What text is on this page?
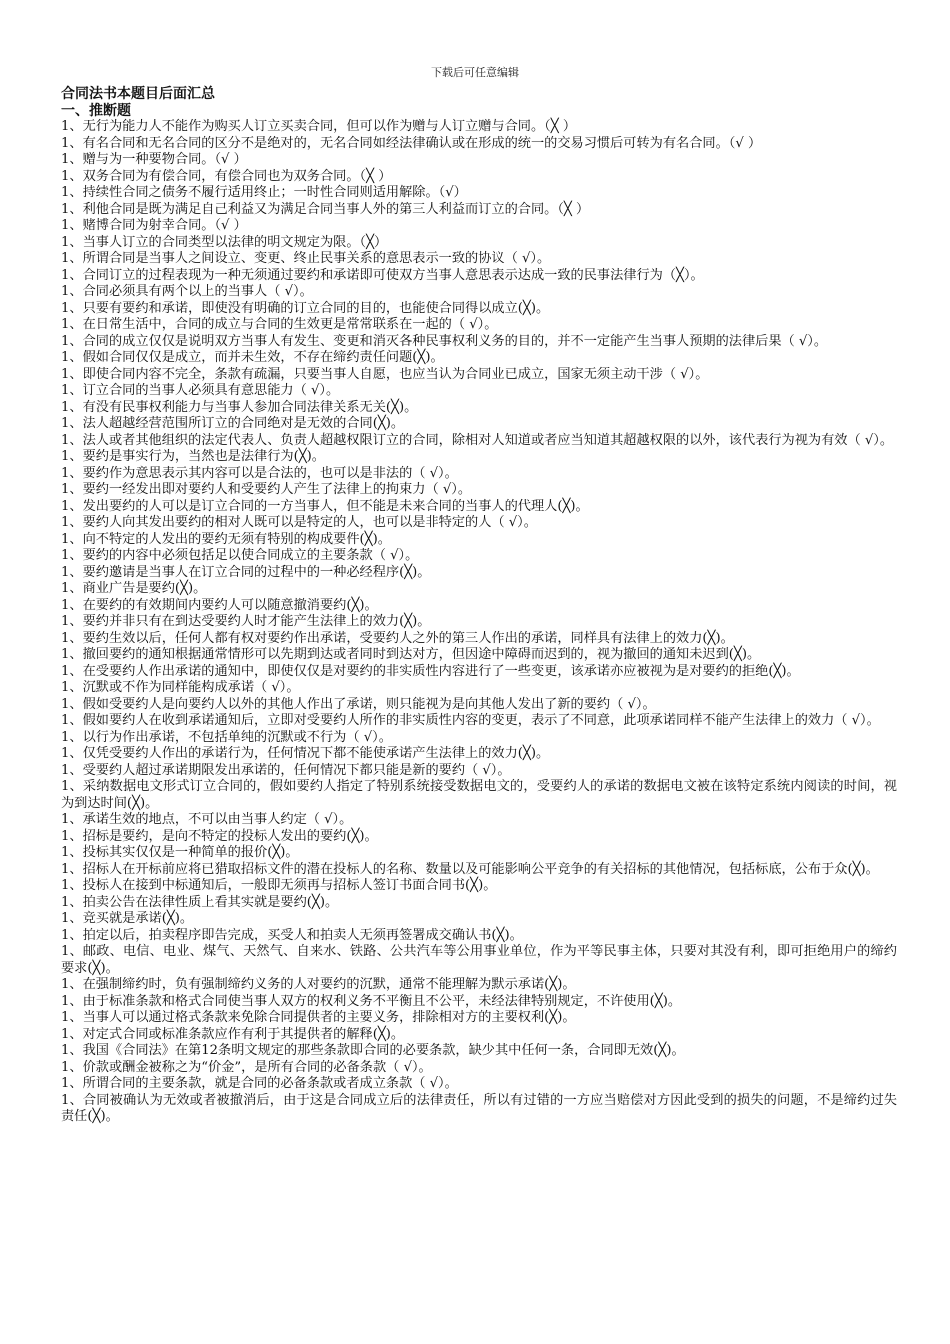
下载后可任意编辑
合同法书本题目后面汇总
一、推断题
1、无行为能力人不能作为购买人订立买卖合同，但可以作为赠与人订立赠与合同。（╳ ）
1、有名合同和无名合同的区分不是绝对的，无名合同如经法律确认或在形成的统一的交易习惯后可转为有名合同。（√ ）
1、赠与为一种要物合同。（√ ）
1、双务合同为有偿合同，有偿合同也为双务合同。（╳ ）
1、持续性合同之债务不履行适用终止；一时性合同则适用解除。（√）
1、利他合同是既为满足自己利益又为满足合同当事人外的第三人利益而订立的合同。（╳ ）
1、赌博合同为射幸合同。（√ ）
1、当事人订立的合同类型以法律的明文规定为限。（╳）
1、所谓合同是当事人之间设立、变更、终止民事关系的意思表示一致的协议（ √）。
1、合同订立的过程表现为一种无须通过要约和承诺即可使双方当事人意思表示达成一致的民事法律行为（╳）。
1、合同必须具有两个以上的当事人（ √）。
1、只要有要约和承诺，即使没有明确的订立合同的目的，也能使合同得以成立(╳)。
1、在日常生活中，合同的成立与合同的生效更是常常联系在一起的（ √）。
1、合同的成立仅仅是说明双方当事人有发生、变更和消灭各种民事权利义务的目的，并不一定能产生当事人预期的法律后果（ √）。
1、假如合同仅仅是成立，而并未生效，不存在缔约责任问题(╳)。
1、即使合同内容不完全，条款有疏漏，只要当事人自愿，也应当认为合同业已成立，国家无须主动干涉（ √）。
1、订立合同的当事人必须具有意思能力（ √）。
1、有没有民事权利能力与当事人参加合同法律关系无关(╳)。
1、法人超越经营范围所订立的合同绝对是无效的合同(╳)。
1、法人或者其他组织的法定代表人、负责人超越权限订立的合同，除相对人知道或者应当知道其超越权限的以外，该代表行为视为有效（ √）。
1、要约是事实行为，当然也是法律行为(╳)。
1、要约作为意思表示其内容可以是合法的，也可以是非法的（ √）。
1、要约一经发出即对要约人和受要约人产生了法律上的拘束力（ √）。
1、发出要约的人可以是订立合同的一方当事人，但不能是未来合同的当事人的代理人(╳)。
1、要约人向其发出要约的相对人既可以是特定的人，也可以是非特定的人（ √）。
1、向不特定的人发出的要约无须有特别的构成要件(╳)。
1、要约的内容中必须包括足以使合同成立的主要条款（ √）。
1、要约邀请是当事人在订立合同的过程中的一种必经程序(╳)。
1、商业广告是要约(╳)。
1、在要约的有效期间内要约人可以随意撤消要约(╳)。
1、要约并非只有在到达受要约人时才能产生法律上的效力(╳)。
1、要约生效以后，任何人都有权对要约作出承诺，受要约人之外的第三人作出的承诺，同样具有法律上的效力(╳)。
1、撤回要约的通知根据通常情形可以先期到达或者同时到达对方，但因途中障碍而迟到的，视为撤回的通知未迟到(╳)。
1、在受要约人作出承诺的通知中，即使仅仅是对要约的非实质性内容进行了一些变更，该承诺亦应被视为是对要约的拒绝(╳)。
1、沉默或不作为同样能构成承诺（ √）。
1、假如受要约人是向要约人以外的其他人作出了承诺，则只能视为是向其他人发出了新的要约（ √）。
1、假如要约人在收到承诺通知后，立即对受要约人所作的非实质性内容的变更，表示了不同意，此项承诺同样不能产生法律上的效力（ √）。
1、以行为作出承诺，不包括单纯的沉默或不行为（ √）。
1、仅凭受要约人作出的承诺行为，任何情况下都不能使承诺产生法律上的效力(╳)。
1、受要约人超过承诺期限发出承诺的，任何情况下都只能是新的要约（ √）。
1、采纳数据电文形式订立合同的，假如要约人指定了特别系统接受数据电文的，受要约人的承诺的数据电文被在该特定系统内阅读的时间，视为到达时间(╳)。
1、承诺生效的地点，不可以由当事人约定（ √）。
1、招标是要约，是向不特定的投标人发出的要约(╳)。
1、投标其实仅仅是一种简单的报价(╳)。
1、招标人在开标前应将已猎取招标文件的潜在投标人的名称、数量以及可能影响公平竞争的有关招标的其他情况，包括标底，公布于众(╳)。
1、投标人在接到中标通知后，一般即无须再与招标人签订书面合同书(╳)。
1、拍卖公告在法律性质上看其实就是要约(╳)。
1、竞买就是承诺(╳)。
1、拍定以后，拍卖程序即告完成，买受人和拍卖人无须再签署成交确认书(╳)。
1、邮政、电信、电业、煤气、天然气、自来水、铁路、公共汽车等公用事业单位，作为平等民事主体，只要对其没有利，即可拒绝用户的缔约要求(╳)。
1、在强制缔约时，负有强制缔约义务的人对要约的沉默，通常不能理解为默示承诺(╳)。
1、由于标准条款和格式合同使当事人双方的权利义务不平衡且不公平，未经法律特别规定，不许使用(╳)。
1、当事人可以通过格式条款来免除合同提供者的主要义务，排除相对方的主要权利(╳)。
1、对定式合同或标准条款应作有利于其提供者的解释(╳)。
1、我国《合同法》在第12条明文规定的那些条款即合同的必要条款，缺少其中任何一条，合同即无效(╳)。
1、价款或酬金被称之为“价金”，是所有合同的必备条款（ √）。
1、所谓合同的主要条款，就是合同的必备条款或者成立条款（ √）。
1、合同被确认为无效或者被撤消后，由于这是合同成立后的法律责任，所以有过错的一方应当赔偿对方因此受到的损失的问题，不是缔约过失责任(╳)。
